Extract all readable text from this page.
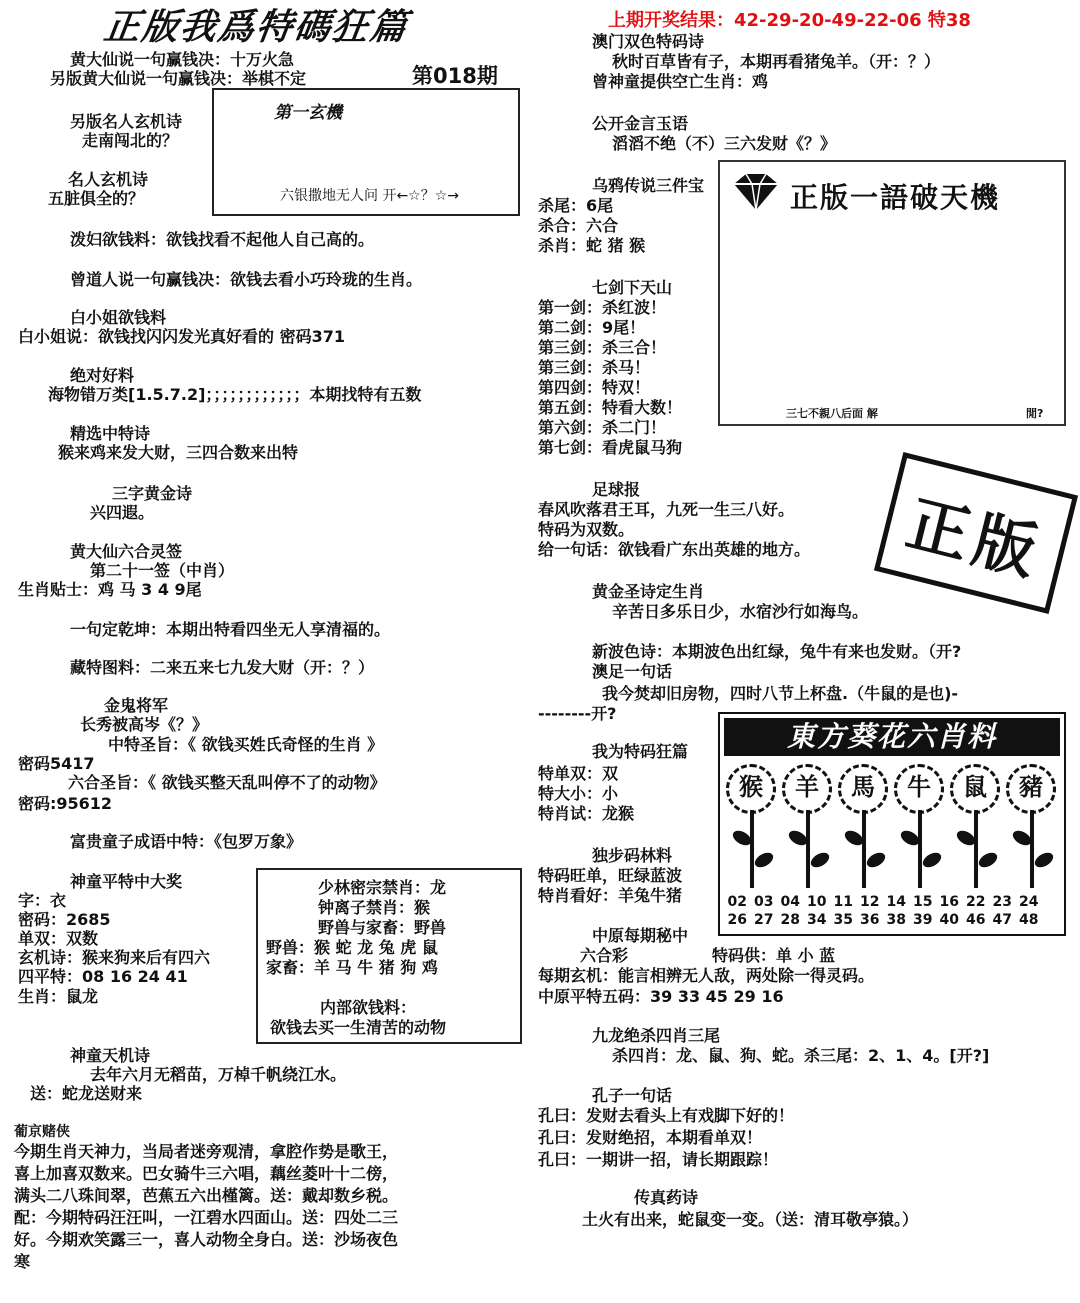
正版我爲特碼狂篇	上期开奖结果：42-29-20-49-22-06 特38
第一玄機
六银撒地无人问 开←☆？☆→
第018期
黄大仙说一句赢钱决：十万火急
另版黄大仙说一句赢钱决：举棋不定
另版名人玄机诗
走南闯北的？
名人玄机诗
五脏俱全的？
泼妇欲钱料：欲钱找看不起他人自己高的。
曾道人说一句赢钱决：欲钱去看小巧玲珑的生肖。
白小姐欲钱料
白小姐说：欲钱找闪闪发光真好看的 密码371
绝对好料
海物错万类[1.5.7.2]；；；；；；；；；；；；本期找特有五数
精选中特诗
猴来鸡来发大财，三四合数来出特
三字黄金诗
兴四遐。
黄大仙六合灵签
第二十一签（中肖）
生肖贴士：鸡 马 3 4 9尾
一句定乾坤：本期出特看四坐无人享清福的。
藏特图料：二来五来七九发大财（开：？）
金鬼将军
长秀被高岑《？》
中特圣旨：《 欲钱买姓氏奇怪的生肖 》
密码5417
六合圣旨：《 欲钱买整天乱叫停不了的动物》
密码:95612
富贵童子成语中特：《包罗万象》
神童平特中大奖
字：衣
密码：2685
单双：双数
玄机诗：猴来狗来后有四六
四平特：08 16 24 41
生肖：鼠龙
神童天机诗
去年六月无稻苗，万棹千帆绕江水。
送：蛇龙送财来
葡京赌侠
今期生肖天神力，当局者迷旁观清，拿腔作势是歌王，
喜上加喜双数来。巴女骑牛三六唱，藕丝菱叶十二傍，
满头二八珠间翠，芭蕉五六出槿篱。送：戴却数乡税。
配：今期特码汪汪叫，一江碧水四面山。送：四处二三
好。今期欢笑露三一，喜人动物全身白。送：沙场夜色
寒
少林密宗禁肖：龙
钟离子禁肖：猴
野兽与家畜：野兽
野兽：猴 蛇 龙 兔 虎 鼠
家畜：羊 马 牛 猪 狗 鸡
内部欲钱料：
欲钱去买一生清苦的动物
澳门双色特码诗
秋时百草皆有子，本期再看猪兔羊。（开：？）
曾神童提供空亡生肖：鸡
公开金言玉语
滔滔不绝（不）三六发财《？》
乌鸦传说三件宝
杀尾：6尾
杀合：六合
杀肖：蛇 猪 猴
七剑下天山
第一剑：杀红波！
第二剑：9尾！
第三剑：杀三合！
第三剑：杀马！
第四剑：特双！
第五剑：特看大数！
第六剑：杀二门！
第七剑：看虎鼠马狗
足球报
春风吹落君王耳，九死一生三八好。
特码为双数。
给一句话：欲钱看广东出英雄的地方。
黄金圣诗定生肖
辛苦日多乐日少，水宿沙行如海鸟。
新波色诗：本期波色出红绿，兔牛有来也发财。（开?
澳足一句话
我今焚却旧房物，四时八节上杯盘.（牛鼠的是也)-
--------开?
我为特码狂篇
特单双：双
特大小：小
特肖试：龙猴
独步码林料
特码旺单，旺绿蓝波
特肖看好：羊兔牛猪
中原每期秘中
六合彩	特码供：单 小 蓝
每期玄机：能言相辨无人敌，两处除一得灵码。
中原平特五码：39 33 45 29 16
九龙绝杀四肖三尾
杀四肖：龙、鼠、狗、蛇。杀三尾：2、1、4。[开?]
孔子一句话
孔曰：发财去看头上有戏脚下好的！
孔曰：发财绝招，本期看单双！
孔曰：一期讲一招，请长期跟踪！
传真药诗
土火有出来，蛇鼠变一变。（送：清耳敬亭猿。）
正版一語破天機
三七不親八后面 解	閒?
正版
東方葵花六肖料
猴	羊	馬	牛	鼠	豬
02 03 04 10 11 12 14 15 16 22 23 24
26 27 28 34 35 36 38 39 40 46 47 48
